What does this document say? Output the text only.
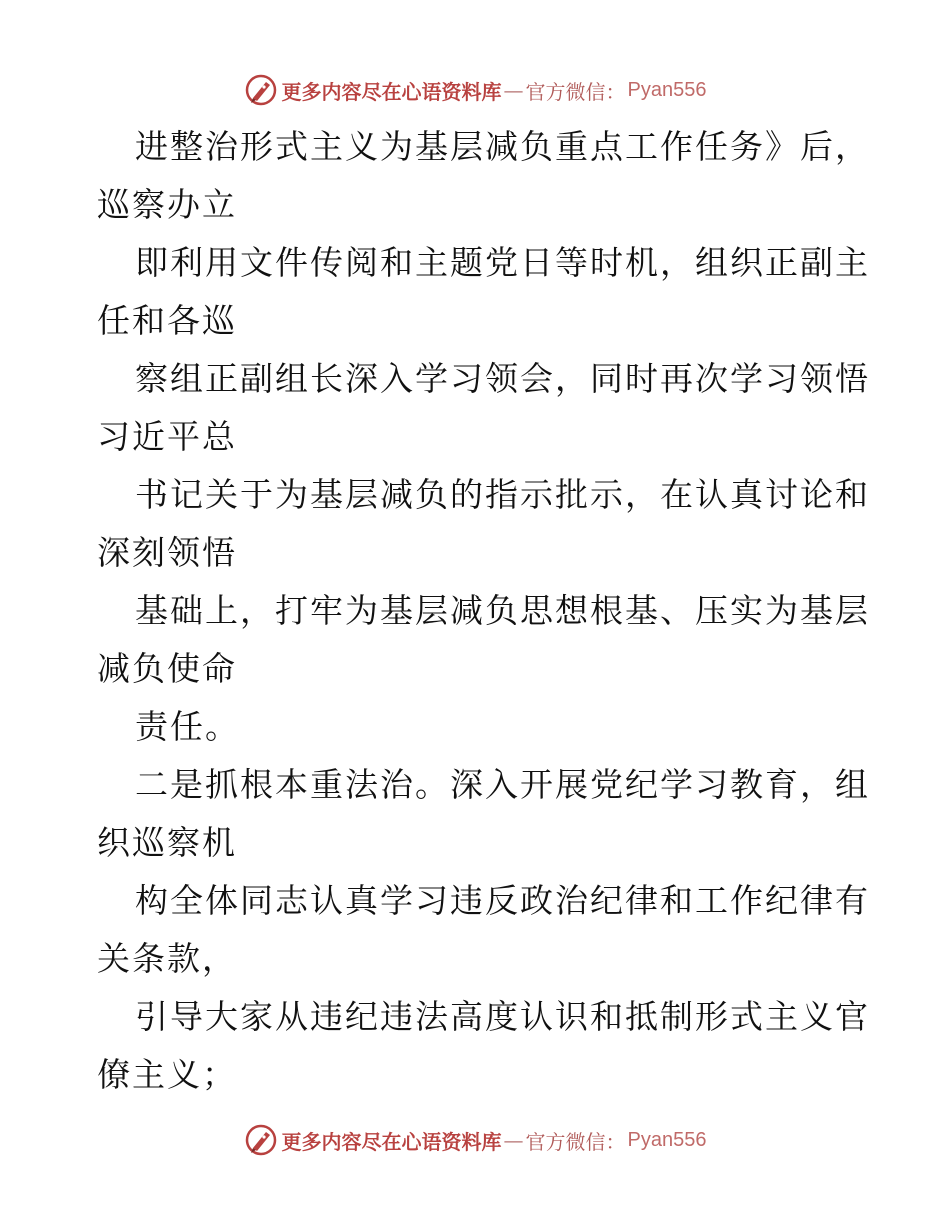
更多内容尽在心语资料库 — 官方微信： Pyan556
进整治形式主义为基层减负重点工作任务》后，
巡察办立
即利用文件传阅和主题党日等时机，组织正副主
任和各巡
察组正副组长深入学习领会，同时再次学习领悟
习近平总
书记关于为基层减负的指示批示，在认真讨论和
深刻领悟
基础上，打牢为基层减负思想根基、压实为基层
减负使命
责任。
二是抓根本重法治。深入开展党纪学习教育，组
织巡察机
构全体同志认真学习违反政治纪律和工作纪律有
关条款，
引导大家从违纪违法高度认识和抵制形式主义官
僚主义；
更多内容尽在心语资料库 — 官方微信： Pyan556
